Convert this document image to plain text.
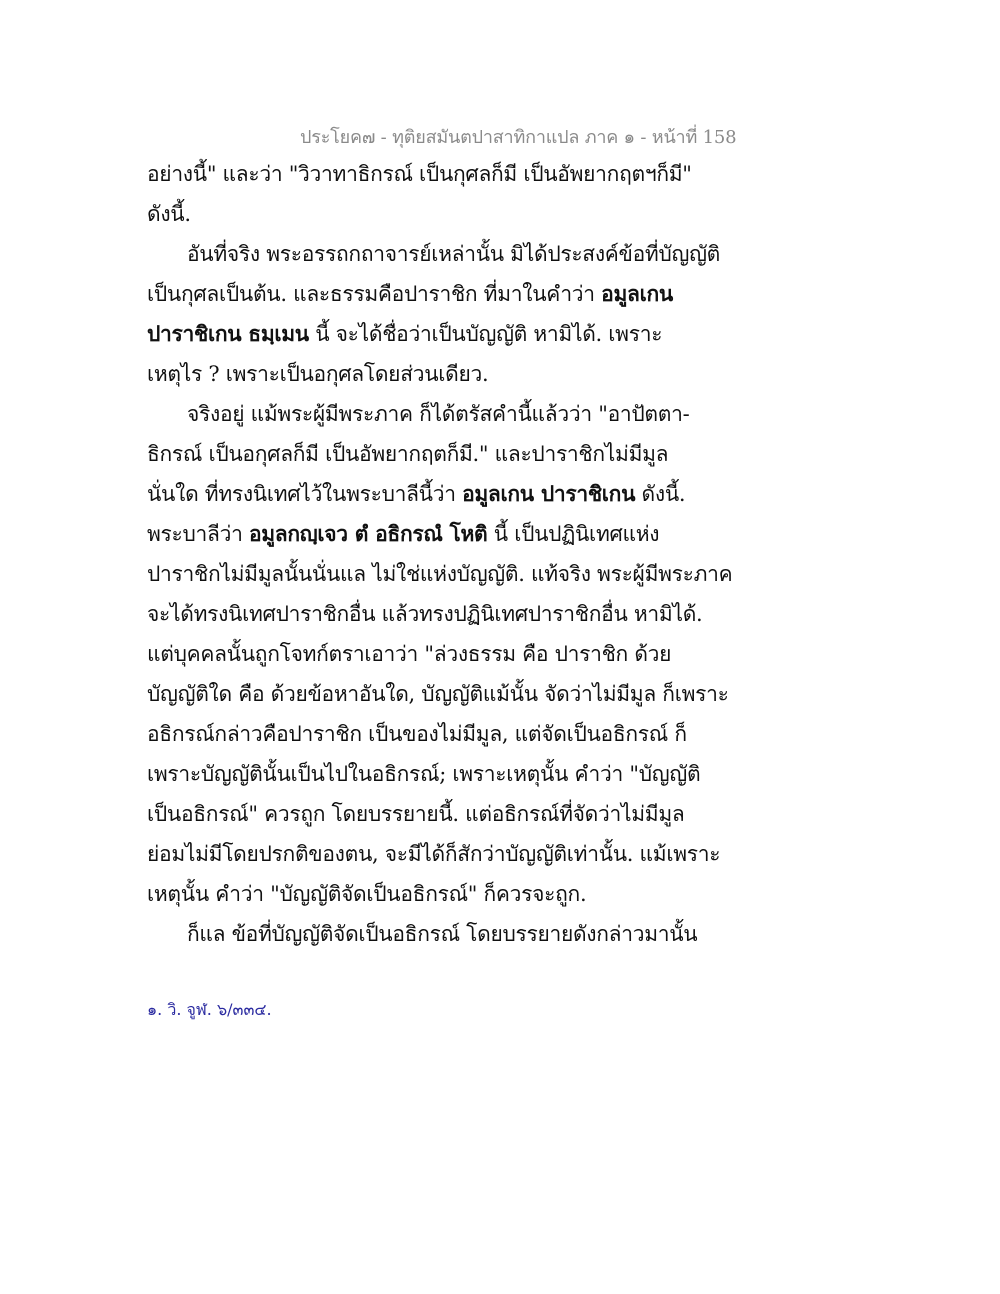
ประโยค๗ - ทุติยสมันตปาสาทิกาแปล ภาค ๑ - หน้าที่ 158
อย่างนี้" และว่า "วิวาทาธิกรณ์ เป็นกุศลก็มี เป็นอัพยากฤตฯก็มี"
ดังนี้.
อันที่จริง พระอรรถกถาจารย์เหล่านั้น มิได้ประสงค์ข้อที่บัญญัติ
เป็นกุศลเป็นต้น. และธรรมคือปาราชิก ที่มาในคำว่า อมูลเกน
ปาราชิเกน ธมฺเมน นี้ จะได้ชื่อว่าเป็นบัญญัติ หามิได้. เพราะ
เหตุไร ? เพราะเป็นอกุศลโดยส่วนเดียว.
จริงอยู่ แม้พระผู้มีพระภาค ก็ได้ตรัสคำนี้แล้วว่า "อาปัตตา-
ธิกรณ์ เป็นอกุศลก็มี เป็นอัพยากฤตก็มี." และปาราชิกไม่มีมูล
นั่นใด ที่ทรงนิเทศไว้ในพระบาลีนี้ว่า อมูลเกน ปาราชิเกน ดังนี้.
พระบาลีว่า อมูลกญฺเจว ตํ อธิกรณํ โหติ นี้ เป็นปฏินิเทศแห่ง
ปาราชิกไม่มีมูลนั้นนั่นแล ไม่ใช่แห่งบัญญัติ. แท้จริง พระผู้มีพระภาค
จะได้ทรงนิเทศปาราชิกอื่น แล้วทรงปฏินิเทศปาราชิกอื่น หามิได้.
แต่บุคคลนั้นถูกโจทก์ตราเอาว่า "ล่วงธรรม คือ ปาราชิก ด้วย
บัญญัติใด คือ ด้วยข้อหาอันใด, บัญญัติแม้นั้น จัดว่าไม่มีมูล ก็เพราะ
อธิกรณ์กล่าวคือปาราชิก เป็นของไม่มีมูล, แต่จัดเป็นอธิกรณ์ ก็
เพราะบัญญัตินั้นเป็นไปในอธิกรณ์; เพราะเหตุนั้น คำว่า "บัญญัติ
เป็นอธิกรณ์" ควรถูก โดยบรรยายนี้. แต่อธิกรณ์ที่จัดว่าไม่มีมูล
ย่อมไม่มีโดยปรกติของตน, จะมีได้ก็สักว่าบัญญัติเท่านั้น. แม้เพราะ
เหตุนั้น คำว่า "บัญญัติจัดเป็นอธิกรณ์" ก็ควรจะถูก.
ก็แล ข้อที่บัญญัติจัดเป็นอธิกรณ์ โดยบรรยายดังกล่าวมานั้น
๑. วิ. จูฬ. ๖/๓๓๔.
